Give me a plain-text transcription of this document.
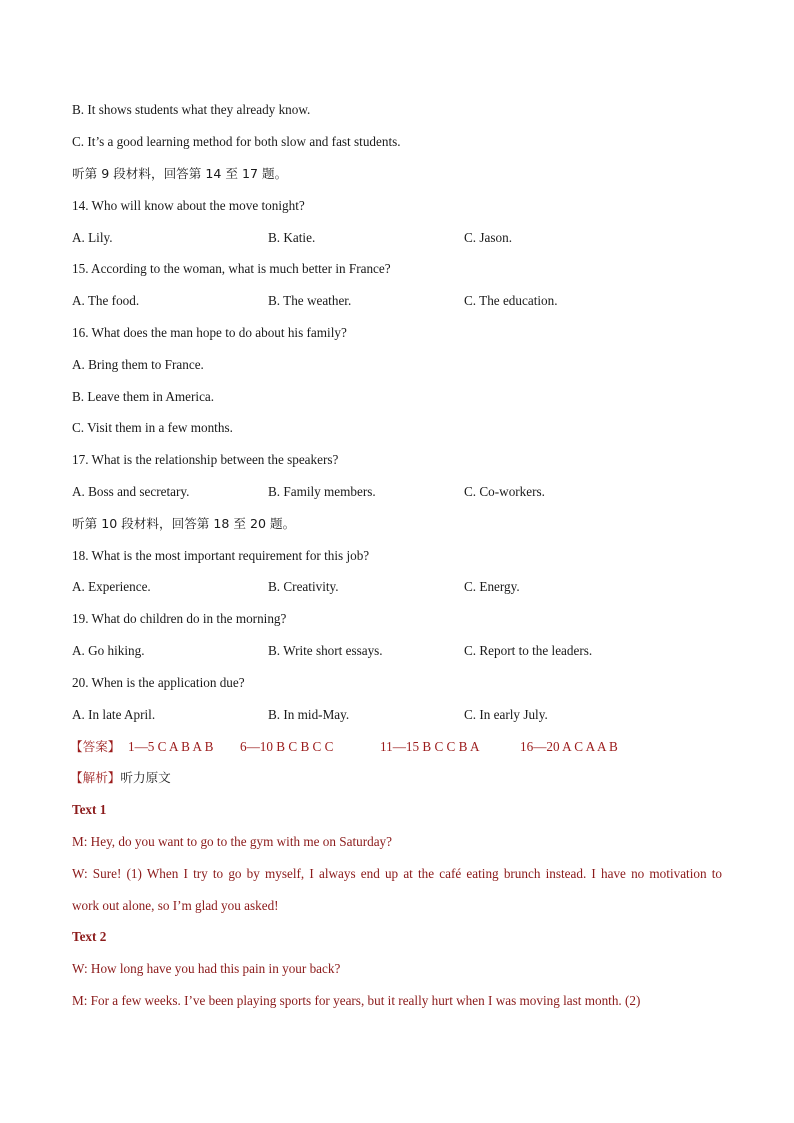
B. It shows students what they already know.
C. It’s a good learning method for both slow and fast students.
听第 9 段材料，回答第 14 至 17 题。
14. Who will know about the move tonight?
A. Lily.	B. Katie.	C. Jason.
15. According to the woman, what is much better in France?
A. The food.	B. The weather.	C. The education.
16. What does the man hope to do about his family?
A. Bring them to France.
B. Leave them in America.
C. Visit them in a few months.
17. What is the relationship between the speakers?
A. Boss and secretary.	B. Family members.	C. Co-workers.
听第 10 段材料，回答第 18 至 20 题。
18. What is the most important requirement for this job?
A. Experience.	B. Creativity.	C. Energy.
19. What do children do in the morning?
A. Go hiking.	B. Write short essays.	C. Report to the leaders.
20. When is the application due?
A. In late April.	B. In mid-May.	C. In early July.
【答案】 1—5 C A B A B 6—10 B C B C C	11—15 B C C B A	16—20 A C A A B
【解析】听力原文
Text 1
M: Hey, do you want to go to the gym with me on Saturday?
W: Sure! (1) When I try to go by myself, I always end up at the café eating brunch instead. I have no motivation to
work out alone, so I’m glad you asked!
Text 2
W: How long have you had this pain in your back?
M: For a few weeks. I’ve been playing sports for years, but it really hurt when I was moving last month. (2)
